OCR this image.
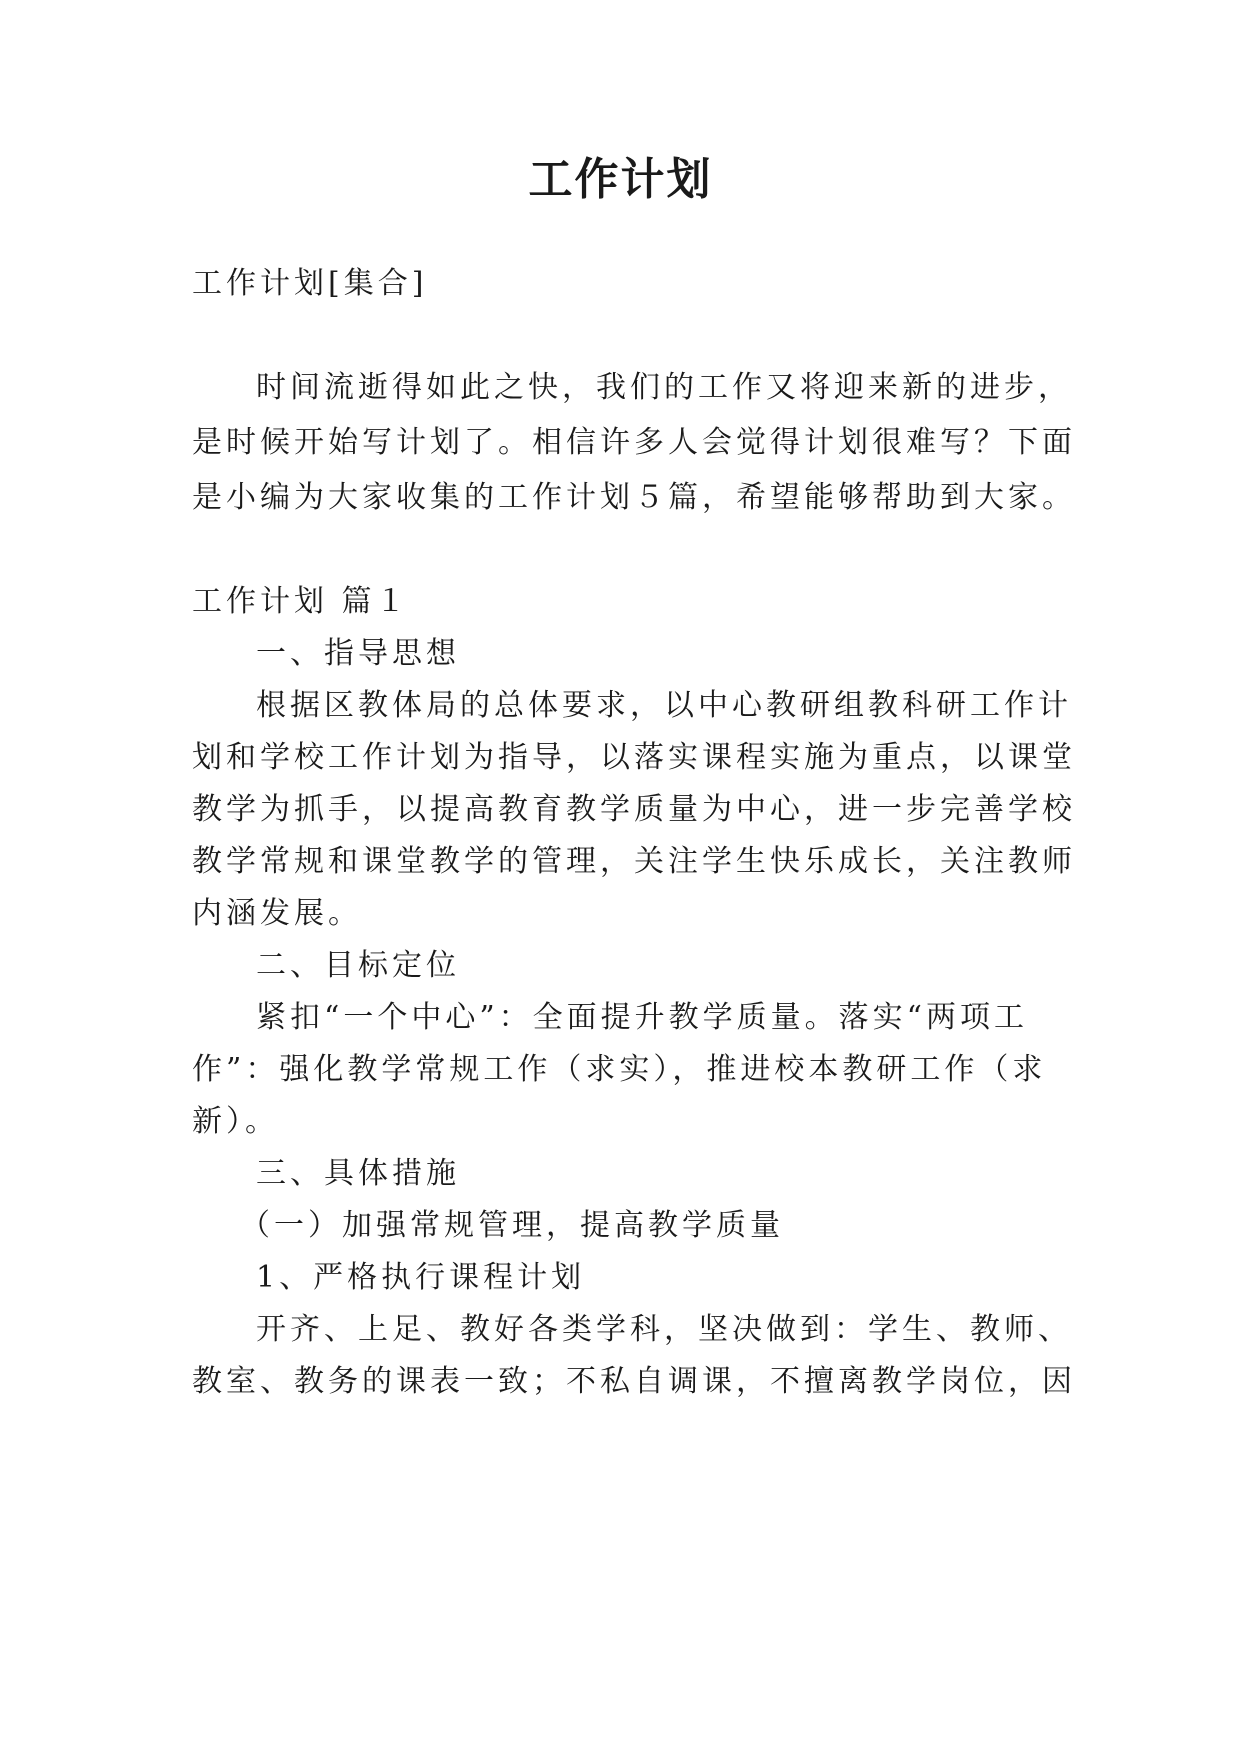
工作计划
工作计划[集合]
时间流逝得如此之快，我们的工作又将迎来新的进步，
是时候开始写计划了。相信许多人会觉得计划很难写？下面
是小编为大家收集的工作计划５篇，希望能够帮助到大家。
工作计划 篇１
一、指导思想
根据区教体局的总体要求，以中心教研组教科研工作计
划和学校工作计划为指导，以落实课程实施为重点，以课堂
教学为抓手，以提高教育教学质量为中心，进一步完善学校
教学常规和课堂教学的管理，关注学生快乐成长，关注教师
内涵发展。
二、目标定位
紧扣“一个中心”：全面提升教学质量。落实“两项工
作”：强化教学常规工作（求实），推进校本教研工作（求
新）。
三、具体措施
（一）加强常规管理，提高教学质量
1、严格执行课程计划
开齐、上足、教好各类学科，坚决做到：学生、教师、
教室、教务的课表一致；不私自调课，不擅离教学岗位，因
